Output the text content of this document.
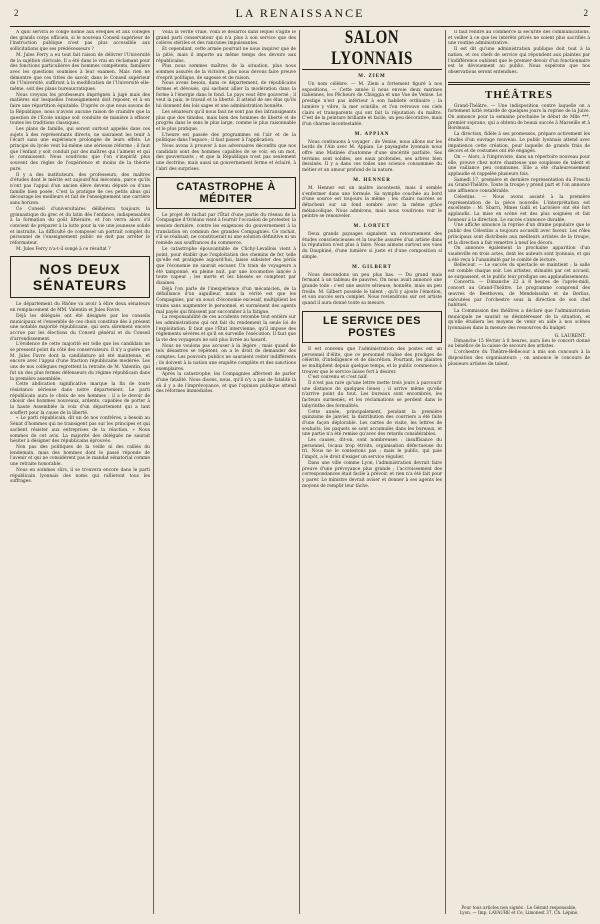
2	LA RENAISSANCE	2

A quoi servira le congé donné aux évêques et aux collèges des grands corps officiels, si le nouveau Conseil supérieur de l'instruction publique n'est pas plus accessible aux sollicitations que ses prédécesseurs ?

M. Jules Ferry a eu tout fait raison de délivrer l'Université de la sujétion cléricale. Il a été dans le vrai en réclamant pour des fonctions particulières des hommes compétents, familiers avec les questions soumises à leur examen. Mais rien ne démontre que ces titres de savoir, dans le Conseil supérieur de l'Université, suffiront à la modification de l'Université elle-même, soit des plans bureaucratiques.

Nous croyons les professeurs imprégnés à jugé mais des matières sur lesquelles l'enseignement doit reposer, et à en faire une répartition équitable. D'après ce que nous savons de la République, nous n'avons aucune raison de craindre que la question de l'École unique soit conduite de manière à effacer toutes les traditions classiques.

Les plans de famille, qui seront surtout appelés dans ces sujets à des représentants directs, ne sauraient les tenir à l'écart sans une expérience prolongée de leurs effets. Le principe du lycée veut lui-même une sérieuse réforme ; il faut que l'enfant y soit conduit par des maîtres qui l'aiment et qui le connaissent. Nous voudrions que l'on s'inspirât plus souvent des règles de l'expérience et moins de la théorie pure.

Il y a des instituteurs, des professeurs, des maîtres d'études dont le mérite est aujourd'hui méconnu, parce qu'ils n'ont pas l'appui d'un ancien élève devenu député ou d'une famille bien posée. C'est la pratique de ces petits abus qui décourage les meilleurs et fait de l'enseignement une carrière sans horizon.

Ce Conseil d'universitaires délibérera toujours la gymnastique du grec et du latin dès l'enfance, indispensables à la formation du goût littéraire, et l'on verra alors s'il convient de préparer à la lutte pour la vie une jeunesse solide et instruite. La difficulté de composer un portrait complet du personnel de l'enseignement public ne doit pas arrêter le réformateur.

M. Jules Ferry n'a-t-il songé à ce résultat ?

NOS DEUX SÉNATEURS

Le département du Rhône va avoir à élire deux sénateurs en remplacement de MM. Valentin et Jules Favre.

Déjà les délégués ont été désignés par les conseils municipaux et l'ensemble de ces choix constitue dès à présent une notable majorité républicaine, qui sera sûrement encore accrue par les élections du Conseil général et du Conseil d'arrondissement.

L'évidence de cette majorité est telle que les candidats ne se pressent point du côté des conservateurs. Il n'y a guère que M. Jules Favre dont la candidature ait été maintenue, et encore avec l'appui d'une fraction républicaine modérée. Les uns de nos collègues regrettent la retraite de M. Valentin, qui fut un des plus fermes défenseurs du régime républicain dans la première assemblée.

Cette abdication significative marque la fin de toute résistance sérieuse dans notre département. Le parti républicain aura le choix de ses hommes ; il a le devoir de choisir des hommes nouveaux, ardents, capables de porter à la haute Assemblée la voix d'un département qui a tant souffert pour la cause de la liberté.

« Le parti républicain, dit un de nos confrères, a besoin au Sénat d'hommes qui ne transigent pas sur les principes et qui sachent résister aux entreprises de la réaction. » Nous sommes de cet avis. La majorité des délégués ne saurait hésiter à désigner des républicains éprouvés.

Non pas des politiques de la veille ni des ralliés du lendemain, mais des hommes dont le passé réponde de l'avenir et qui ne considèrent pas le mandat sénatorial comme une retraite honorable.

Nous en sommes sûrs, il se trouvera encore dans le parti républicain lyonnais des noms qui rallieront tous les suffrages.

Voilà la vérité vraie, voilà le désarroi dans lequel s'agite le grand parti conservateur qui n'a plus à son service que des colères stériles et des rancunes impuissantes.

Et cependant, cette armée pourrait ne nous inspirer que de la pitié, mais il importe au même temps des devoirs aux républicains.

Plus nous sommes maîtres de la situation, plus nous sommes assurés de la victoire, plus nous devons faire preuve d'esprit politique, de sagesse et de raison.

Nous avons besoin, dans ce département, de républicains fermes et dévoués, qui sachent allier la modération dans la forme à l'énergie dans le fond. Le pays veut être gouverné ; il veut la paix, le travail et la liberté. Il attend de ses élus qu'ils lui donnent des lois sages et une administration honnête.

Les sénateurs qu'il nous faut ne sont pas des intransigeants plus que des timides, mais bien des hommes de liberté et de progrès dans le sens le plus large, comme le plus raisonnable et le plus pratique.

L'heure est passée des programmes en l'air et de la politique dans l'espace ; il faut passer à l'application.

Nous avons à prouver à nos adversaires déconfits que nos candidats sont des hommes capables de se voir, en un mot, des gouvernants ; et que la République n'est pas seulement une doctrine, mais aussi un gouvernement ferme et éclairé, à l'abri des surprises.

CATASTROPHE À MÉDITER

Le projet de rachat par l'État d'une partie du réseau de la Compagnie d'Orléans vient à fournir l'occasion de protester, la session dernière, contre les exigences du gouvernement à la translation en commun des grandes Compagnies. Ce rachat, s'il se réalisait, ne constituerait ni une solution définitive ni un remède aux souffrances du commerce.

Le catastrophe épouvantable de Clichy-Levallois vient à point, pour établir que l'exploitation des chemins de fer, telle qu'elle est pratiquée aujourd'hui, laisse subsister des périls que l'économie ne saurait excuser. Un train de voyageurs a été tamponné, en pleine nuit, par une locomotive lancée à toute vapeur ; les morts et les blessés se comptent par dizaines.

Déjà l'on parle de l'inexpérience d'un mécanicien, de la défaillance d'un aiguilleur, mais la vérité est que les Compagnies, par un souci d'économie excessif, multiplient les trains sans augmenter le personnel, et surmènent des agents mal payés qui finissent par succomber à la fatigue.

La responsabilité de ces accidents retombe tout entière sur les administrations qui ont fait du rendement la seule loi de l'exploitation. Il faut que l'État intervienne, qu'il impose des règlements sévères et qu'il en surveille l'exécution. Il faut que la vie des voyageurs ne soit plus livrée au hasard.

Nous ne voulons pas accuser à la légère ; mais quand de tels désastres se répètent, on a le droit de demander des comptes. Les pouvoirs publics ne sauraient rester indifférents ; ils doivent à la nation une enquête complète et des sanctions exemplaires.

Après la catastrophe, les Compagnies affectent de parler d'une fatalité. Nous disons, nous, qu'il n'y a pas de fatalité là où il y a de l'imprévoyance, et que l'opinion publique attend des réformes immédiates.

SALON LYONNAIS
M. ZIEM

Un nom célèbre. — M. Ziem a fortement figuré à nos expositions. — Cette année il nous envoie deux marines italiennes, les Pêcheurs de Chioggia et une Vue de Venise. Le prestige n'est pas inférieur à son habileté ordinaire ; la lumière y vibre, la mer scintille, et l'on retrouve ces ciels clairs et transparents qui ont fait la réputation du maître. C'est de la peinture brillante et facile, un peu décorative, mais d'un charme incontestable.

M. APPIAN

Nous continuons à voyager : de Venise, nous allons sur les bords de l'Ain avec M. Appian. Le paysagiste lyonnais nous offre une Matinée d'automne d'une sincérité parfaite. Ses terrains sont solides, ses eaux profondes, ses arbres bien dessinés. Il y a dans ces toiles une science consommée du métier et un amour profond de la nature.

M. HENNER

M. Henner est un maître incontesté, mais il semble s'enfermer dans une formule. Sa nymphe couchée au bord d'une source est toujours la même ; les chairs nacrées se détachent sur un fond sombre avec la même grâce mélancolique. Nous admirons, mais nous voudrions voir le peintre se renouveler.

M. LORTET

Deux grands paysages signalent un retournement des études consciencieuses et la touche assurée d'un artiste dans la réputation n'est plus à faire. Nous aimons surtout ses vues du Dauphiné, d'une lumière si juste et d'une composition si simple.

M. GILBERT

Nous descendons un peu plus bas. — Du grand mais fermant à un tableau de pauvres. On nous avait annoncé une grande toile : c'est une œuvre sérieuse, honnête, mais un peu froide. M. Gilbert possède le talent ; qu'il y ajoute l'émotion, et son succès sera complet. Nous reviendrons sur cet artiste quand il aura donné toute sa mesure.

LE SERVICE DES POSTES

Il est convenu que l'administration des postes est un personnel d'élite, que ce personnel réalise des prodiges de célérité, d'intelligence et de discrétion. Pourtant, les plaintes se multiplient depuis quelque temps, et le public commence à trouver que le service laisse fort à désirer.

C'est convenu et c'est naïf.

Il n'est pas rare qu'une lettre mette trois jours à parcourir une distance de quelques lieues ; il arrive même qu'elle n'arrive point du tout. Les bureaux sont encombrés, les facteurs surmenés, et les réclamations se perdent dans le labyrinthe des formalités.

Cette année, principalement, pendant la première quinzaine de janvier, la distribution des courriers a été faite d'une façon déplorable. Les cartes de visite, les lettres de souhaits, les paquets se sont accumulés dans les bureaux, et une partie n'a été remise qu'avec des retards considérables.

Les causes, dit-on, sont nombreuses : insuffisance du personnel, locaux trop étroits, organisation défectueuse du tri. Nous ne le contestons pas ; mais le public, qui paie l'impôt, a le droit d'exiger un service régulier.

Dans une ville comme Lyon, l'administration devrait faire preuve d'une prévoyance plus grande ; l'accroissement des correspondances était facile à prévoir, et rien n'a été fait pour y parer. Le ministre devrait aviser et donner à ses agents les moyens de remplir leur tâche.

Il faut rendre au commerce la sécurité des communications, et veiller à ce que les intérêts privés ne soient plus sacrifiés à une routine administrative.

Il est dit qu'une administration publique doit tout à la nation, et ces chefs de service qui répondent aux plaintes par l'indifférence oublient que le premier devoir d'un fonctionnaire est le dévouement au public. Nous espérons que nos observations seront entendues.

THÉÂTRES

Grand-Théâtre. — Une indisposition contre laquelle on a fortement lutté retarde de quelques jours la reprise de la Juive. On annonce pour la semaine prochaine le début de Mlle ***, premier soprano, qui a obtenu de beaux succès à Marseille et à Bordeaux.

La direction, fidèle à ses promesses, prépare activement les études d'un ouvrage nouveau. Le public lyonnais attend avec impatience cette création, pour laquelle de grands frais de décors et de costumes ont été engagés.

On — Alors, à l'improviste, dans un répertoire nouveau pour elle, prouve chez notre chanteuse une souplesse de talent et une vaillance peu communes. Elle a été chaleureusement applaudie et rappelée plusieurs fois.

Samedi 17, première et dernière représentation du Freschi au Grand-Théâtre. Toute la troupe y prend part et l'on annonce une affluence considérable.

Célestins. — Nous avons assisté à la première représentation de la pièce nouvelle. L'interprétation est excellente : M. Sbarri, Mmes Galli et Larivière ont été fort applaudis. La mise en scène est des plus soignées et fait honneur à la direction. Le succès s'annonce durable.

Une affiche annonce la reprise d'un drame populaire que le public des Célestins a toujours accueilli avec faveur. Les rôles principaux sont distribués aux meilleurs artistes de la troupe, et la direction a fait remettre à neuf les décors.

On annonce également la prochaine apparition d'un vaudeville en trois actes, dont les auteurs sont lyonnais, et qui a été reçu à l'unanimité par le comité de lecture.

Bellecour. — Le succès du spectacle se maintient ; la salle est comble chaque soir. Les artistes, stimulés par cet accueil, se surpassent, et le public leur prodigue ses applaudissements.

Concerts. — Dimanche 22 à 8 heures de l'après-midi, concert au Grand-Théâtre. Le programme comprend des œuvres de Beethoven, de Mendelssohn et de Berlioz, exécutées par l'orchestre sous la direction de son chef habituel.

La Commission des théâtres a déclaré que l'administration municipale ne saurait se désintéresser de la situation, et qu'elle étudiera les moyens de venir en aide à nos scènes lyonnaises dans la mesure des ressources du budget.

G. LAURENT.

Dimanche 15 février à 8 heures, aura lieu le concert donné au bénéfice de la caisse de secours des artistes.

L'orchestre du Théâtre-Bellecour a mis son concours à la disposition des organisateurs ; on annonce le concours de plusieurs artistes de talent.

Pour tous articles non signés : Le Gérant responsable,
Lyon. — Imp. LAVAURE et Ce, Limonest 37, Ch. Lépine.
